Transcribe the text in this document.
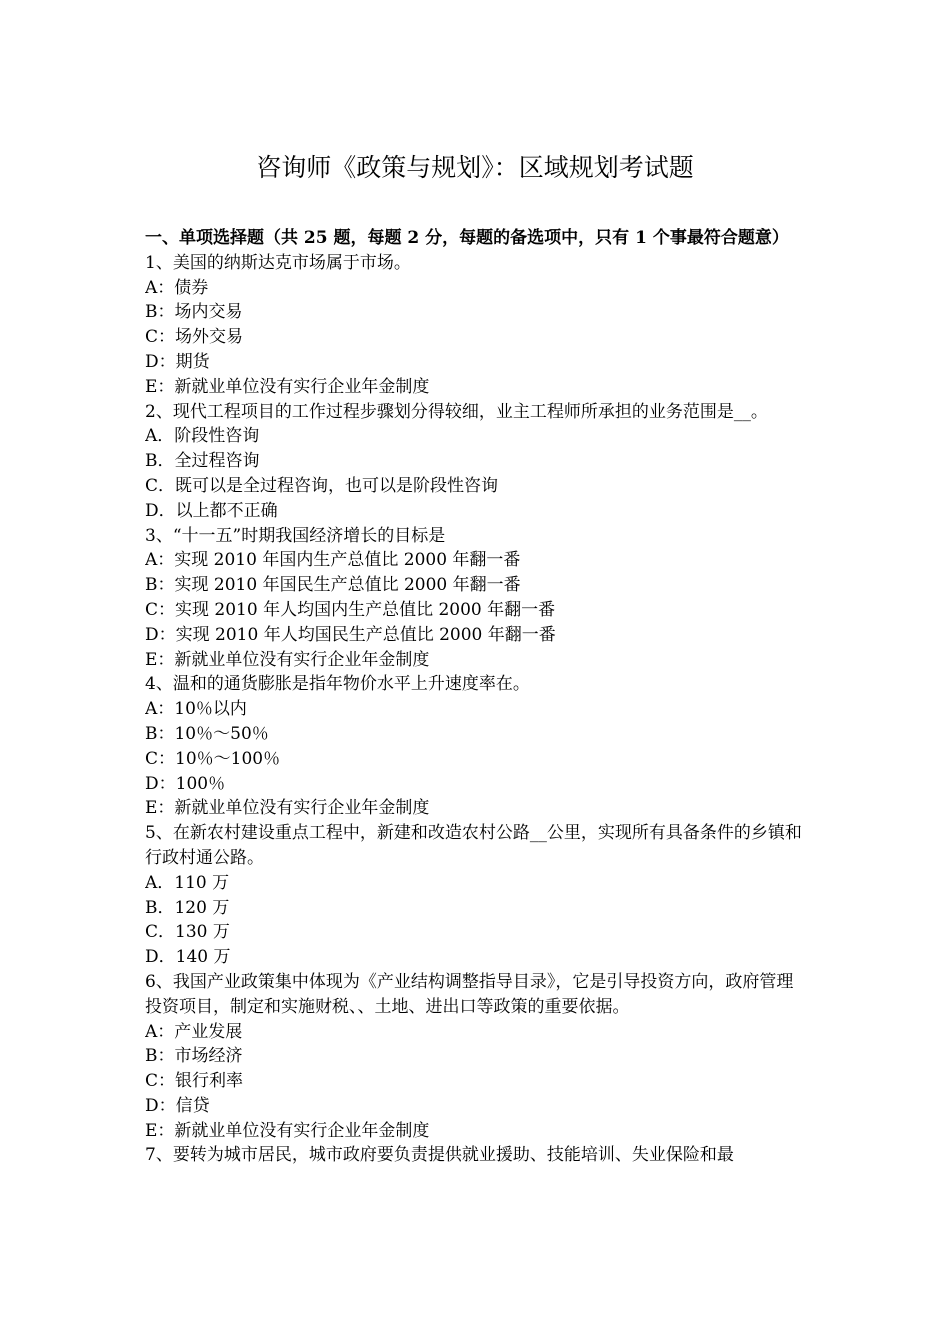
咨询师《政策与规划》：区域规划考试题
一、单项选择题（共 25 题，每题 2 分，每题的备选项中，只有 1 个事最符合题意）
1、美国的纳斯达克市场属于市场。
A：债券
B：场内交易
C：场外交易
D：期货
E：新就业单位没有实行企业年金制度
2、现代工程项目的工作过程步骤划分得较细，业主工程师所承担的业务范围是__。
A．阶段性咨询
B．全过程咨询
C．既可以是全过程咨询，也可以是阶段性咨询
D．以上都不正确
3、“十一五”时期我国经济增长的目标是
A：实现 2010 年国内生产总值比 2000 年翻一番
B：实现 2010 年国民生产总值比 2000 年翻一番
C：实现 2010 年人均国内生产总值比 2000 年翻一番
D：实现 2010 年人均国民生产总值比 2000 年翻一番
E：新就业单位没有实行企业年金制度
4、温和的通货膨胀是指年物价水平上升速度率在。
A：10％以内
B：10％～50％
C：10％～100％
D：100％
E：新就业单位没有实行企业年金制度
5、在新农村建设重点工程中，新建和改造农村公路__公里，实现所有具备条件的乡镇和行政村通公路。
A．110 万
B．120 万
C．130 万
D．140 万
6、我国产业政策集中体现为《产业结构调整指导目录》，它是引导投资方向，政府管理投资项目，制定和实施财税、、土地、进出口等政策的重要依据。
A：产业发展
B：市场经济
C：银行利率
D：信贷
E：新就业单位没有实行企业年金制度
7、要转为城市居民，城市政府要负责提供就业援助、技能培训、失业保险和最
